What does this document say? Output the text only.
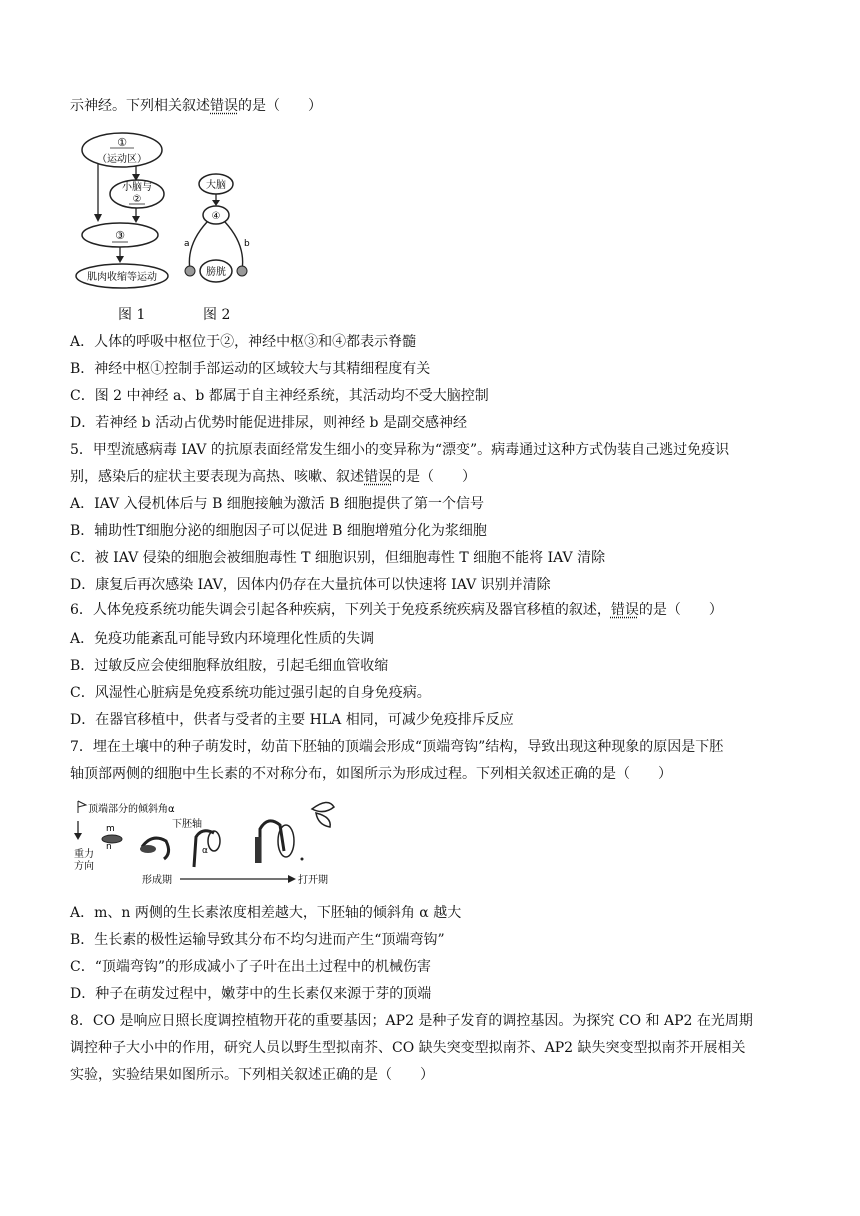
示神经。下列相关叙述错误的是（　　）
①
（运动区）
小脑与
②
③
肌肉收缩等运动
大脑
④
a	b
膀胱
图 1	图 2
A．人体的呼吸中枢位于②，神经中枢③和④都表示脊髓
B．神经中枢①控制手部运动的区域较大与其精细程度有关
C．图 2 中神经 a、b 都属于自主神经系统，其活动均不受大脑控制
D．若神经 b 活动占优势时能促进排尿，则神经 b 是副交感神经
5．甲型流感病毒 IAV 的抗原表面经常发生细小的变异称为“漂变”。病毒通过这种方式伪装自己逃过免疫识
别，感染后的症状主要表现为高热、咳嗽、叙述错误的是（　　）
A．IAV 入侵机体后与 B 细胞接触为激活 B 细胞提供了第一个信号
B．辅助性T细胞分泌的细胞因子可以促进 B 细胞增殖分化为浆细胞
C．被 IAV 侵染的细胞会被细胞毒性 T 细胞识别，但细胞毒性 T 细胞不能将 IAV 清除
D．康复后再次感染 IAV，因体内仍存在大量抗体可以快速将 IAV 识别并清除
6．人体免疫系统功能失调会引起各种疾病，下列关于免疫系统疾病及器官移植的叙述，错误的是（　　）
A．免疫功能紊乱可能导致内环境理化性质的失调
B．过敏反应会使细胞释放组胺，引起毛细血管收缩
C．风湿性心脏病是免疫系统功能过强引起的自身免疫病。
D．在器官移植中，供者与受者的主要 HLA 相同，可减少免疫排斥反应
7．埋在土壤中的种子萌发时，幼苗下胚轴的顶端会形成“顶端弯钩”结构，导致出现这种现象的原因是下胚
轴顶部两侧的细胞中生长素的不对称分布，如图所示为形成过程。下列相关叙述正确的是（　　）
顶端部分的倾斜角α
重力
方向
m
n
下胚轴
α
形成期	打开期
A．m、n 两侧的生长素浓度相差越大，下胚轴的倾斜角 α 越大
B．生长素的极性运输导致其分布不均匀进而产生“顶端弯钩”
C．“顶端弯钩”的形成减小了子叶在出土过程中的机械伤害
D．种子在萌发过程中，嫩芽中的生长素仅来源于芽的顶端
8．CO 是响应日照长度调控植物开花的重要基因；AP2 是种子发育的调控基因。为探究 CO 和 AP2 在光周期
调控种子大小中的作用，研究人员以野生型拟南芥、CO 缺失突变型拟南芥、AP2 缺失突变型拟南芥开展相关
实验，实验结果如图所示。下列相关叙述正确的是（　　）
